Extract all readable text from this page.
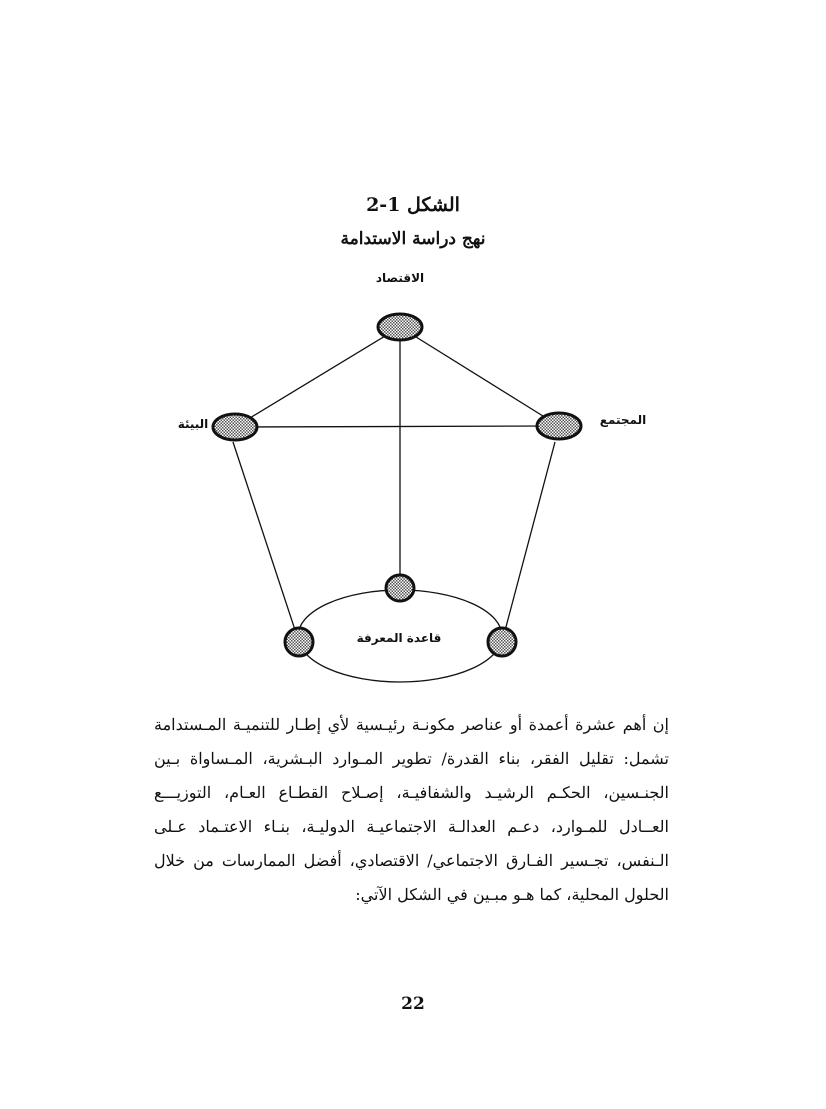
الشكل 1-2
نهج دراسة الاستدامة
الاقتصاد
المجتمع
البيئة
قاعدة المعرفة

إن أهم عشرة أعمدة أو عناصر مكونـة رئيـسية لأي إطـار للتنميـة المـستدامة تشمل: تقليل الفقر، بناء القدرة/ تطوير المـوارد البـشرية، المـساواة بـين الجنـسين، الحكـم الرشيـد والشفافيـة، إصـلاح القطـاع العـام، التوزيـــع العــادل للمـوارد، دعـم العدالـة الاجتماعيـة الدوليـة، بنـاء الاعتـماد عـلى الـنفس، تجـسير الفـارق الاجتماعي/ الاقتصادي، أفضل الممارسات من خلال الحلول المحلية، كما هـو مبـين في الشكل الآتي:

22
